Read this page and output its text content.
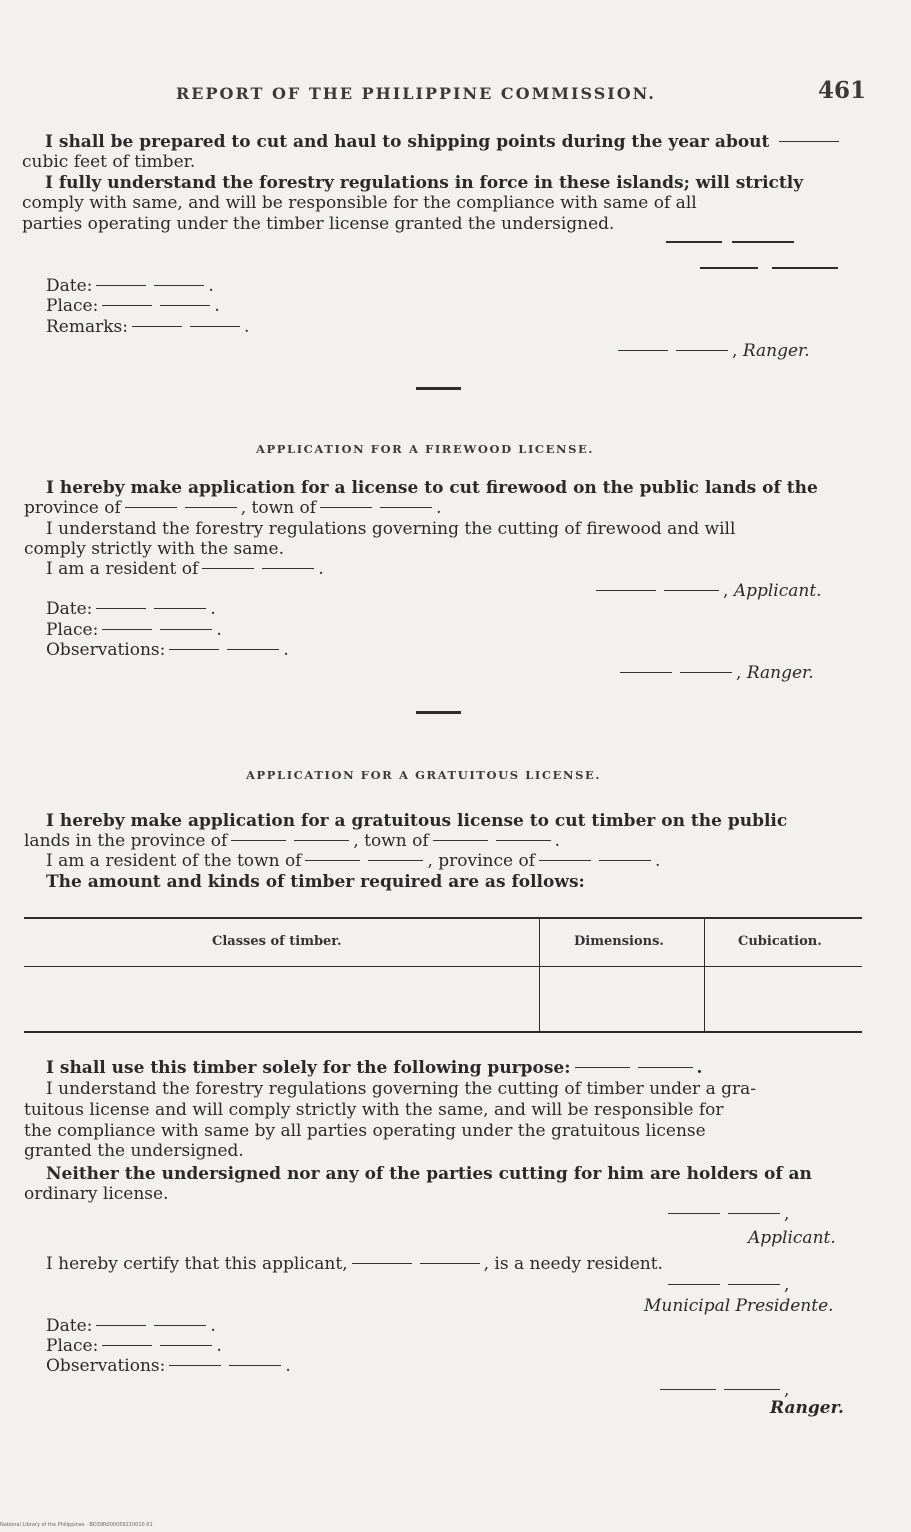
REPORT OF THE PHILIPPINE COMMISSION.	461
I shall be prepared to cut and haul to shipping points during the year about
cubic feet of timber.
I fully understand the forestry regulations in force in these islands; will strictly
comply with same, and will be responsible for the compliance with same of all
parties operating under the timber license granted the undersigned.
Date:	.
Place:	.
Remarks:	.
, Ranger.
APPLICATION FOR A FIREWOOD LICENSE.
I hereby make application for a license to cut firewood on the public lands of the
province of	, town of	.
I understand the forestry regulations governing the cutting of firewood and will
comply strictly with the same.
I am a resident of	.
, Applicant.
Date:	.
Place:	.
Observations:	.
, Ranger.
APPLICATION FOR A GRATUITOUS LICENSE.
I hereby make application for a gratuitous license to cut timber on the public
lands in the province of	, town of	.
I am a resident of the town of	, province of	.
The amount and kinds of timber required are as follows:
Classes of timber.	Dimensions.	Cubication.
I shall use this timber solely for the following purpose:	.
I understand the forestry regulations governing the cutting of timber under a gra-
tuitous license and will comply strictly with the same, and will be responsible for
the compliance with same by all parties operating under the gratuitous license
granted the undersigned.
Neither the undersigned nor any of the parties cutting for him are holders of an
ordinary license.
,
Applicant.
I hereby certify that this applicant,	, is a needy resident.
,
Municipal Presidente.
Date:	.
Place:	.
Observations:	.
,
Ranger.
National Library of the Philippines · BD39R000059210010.01
